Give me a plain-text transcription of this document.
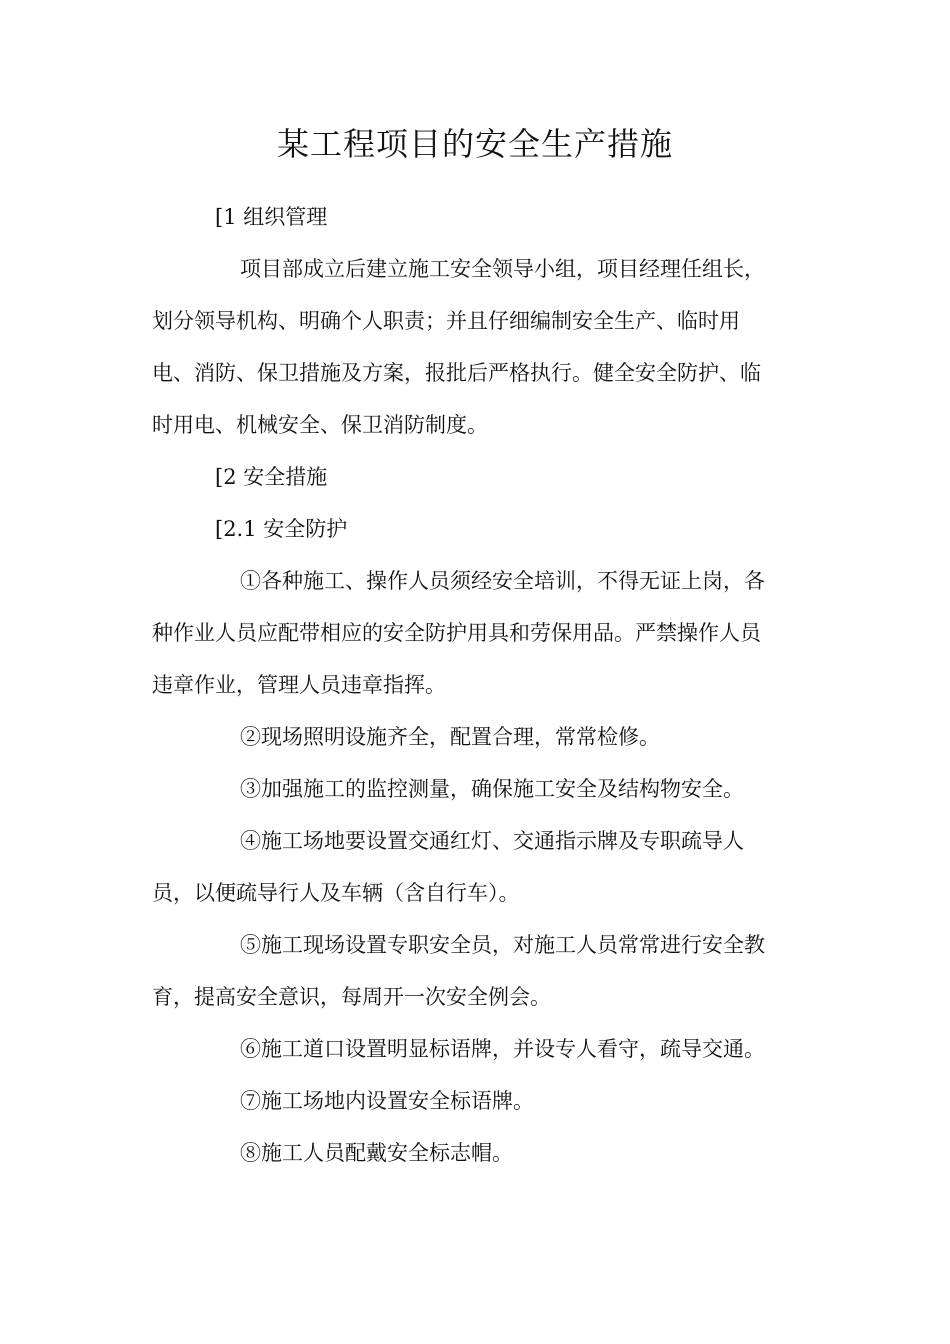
某工程项目的安全生产措施
[1 组织管理
项目部成立后建立施工安全领导小组，项目经理任组长，
划分领导机构、明确个人职责；并且仔细编制安全生产、临时用
电、消防、保卫措施及方案，报批后严格执行。健全安全防护、临
时用电、机械安全、保卫消防制度。
[2 安全措施
[2.1 安全防护
①各种施工、操作人员须经安全培训，不得无证上岗，各
种作业人员应配带相应的安全防护用具和劳保用品。严禁操作人员
违章作业，管理人员违章指挥。
②现场照明设施齐全，配置合理，常常检修。
③加强施工的监控测量，确保施工安全及结构物安全。
④施工场地要设置交通红灯、交通指示牌及专职疏导人
员，以便疏导行人及车辆（含自行车）。
⑤施工现场设置专职安全员，对施工人员常常进行安全教
育，提高安全意识，每周开一次安全例会。
⑥施工道口设置明显标语牌，并设专人看守，疏导交通。
⑦施工场地内设置安全标语牌。
⑧施工人员配戴安全标志帽。
